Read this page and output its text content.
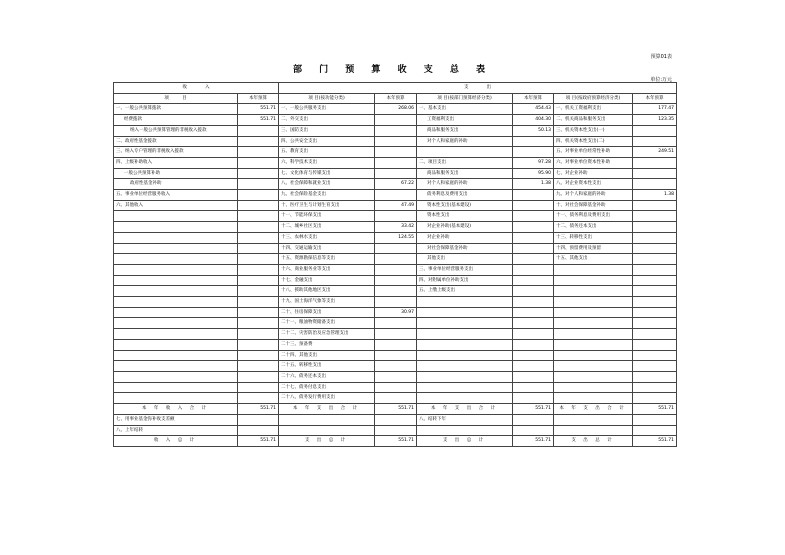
预算01表
部 门 预 算 收 支 总 表
单位:万元
收　　　　入		支　　　　出					
项　　　目	本年预算	项 目(按功能分类)	本年预算	项 目(按部门预算经济分类)	本年预算	项 目(按政府预算经济分类)	本年预算
一、一般公共预算拨款	551.71	一、一般公共服务支出	268.06	一、基本支出	454.43	一、机关工资福利支出	177.47
经费拨款	551.71	二、外交支出		工资福利支出	404.30	二、机关商品和服务支出	123.35
纳入一般公共预算管理的非税收入拨款		三、国防支出		商品和服务支出	50.13	三、机关资本性支出(一)	
二、政府性基金拨款		四、公共安全支出		对个人和家庭的补助		四、机关资本性支出(二)	
三、纳入专户管理的非税收入拨款		五、教育支出				五、对事业单位经常性补助	249.51
四、上级补助收入		六、科学技术支出		二、项目支出	97.28	六、对事业单位资本性补助	
一般公共预算补助		七、文化体育与传媒支出		商品和服务支出	95.90	七、对企业补助	
政府性基金补助		八、社会保障和就业支出	67.22	对个人和家庭的补助	1.38	八、对企业资本性支出	
五、事业单位经营服务收入		九、社会保险基金支出		债务利息及费用支出		九、对个人和家庭的补助	1.38
六、其他收入		十、医疗卫生与计划生育支出	47.49	资本性支出(基本建设)		十、对社会保障基金补助	
		十一、节能环保支出		资本性支出		十一、债务利息及费用支出	
		十二、城乡社区支出	33.42	对企业补助(基本建设)		十二、债务还本支出	
		十三、农林水支出	124.55	对企业补助		十三、转移性支出	
		十四、交通运输支出		对社会保障基金补助		十四、预留费用及预留	
		十五、资源勘探信息等支出		其他支出		十五、其他支出	
		十六、商业服务业等支出		三、事业单位经营服务支出			
		十七、金融支出		四、对附属单位补助支出			
		十八、援助其他地区支出		五、上缴上级支出			
		十九、国土海洋气象等支出					
		二十、住房保障支出	30.97				
		二十一、粮油物资储备支出					
		二十二、灾害防治及应急管理支出					
		二十三、预备费					
		二十四、其他支出					
		二十五、转移性支出					
		二十六、债务还本支出					
		二十七、债务付息支出					
		二十八、债务发行费用支出					
本 年 收 入 合 计	551.71	本 年 支 出 合 计	551.71	本 年 支 出 合 计	551.71	本 年 支 出 合 计	551.71
七、用事业基金弥补收支差额				八、结转下年			
八、上年结转							
收 入 总 计	551.71	支 出 总 计	551.71	支 出 总 计	551.71	支 出 总 计	551.71
